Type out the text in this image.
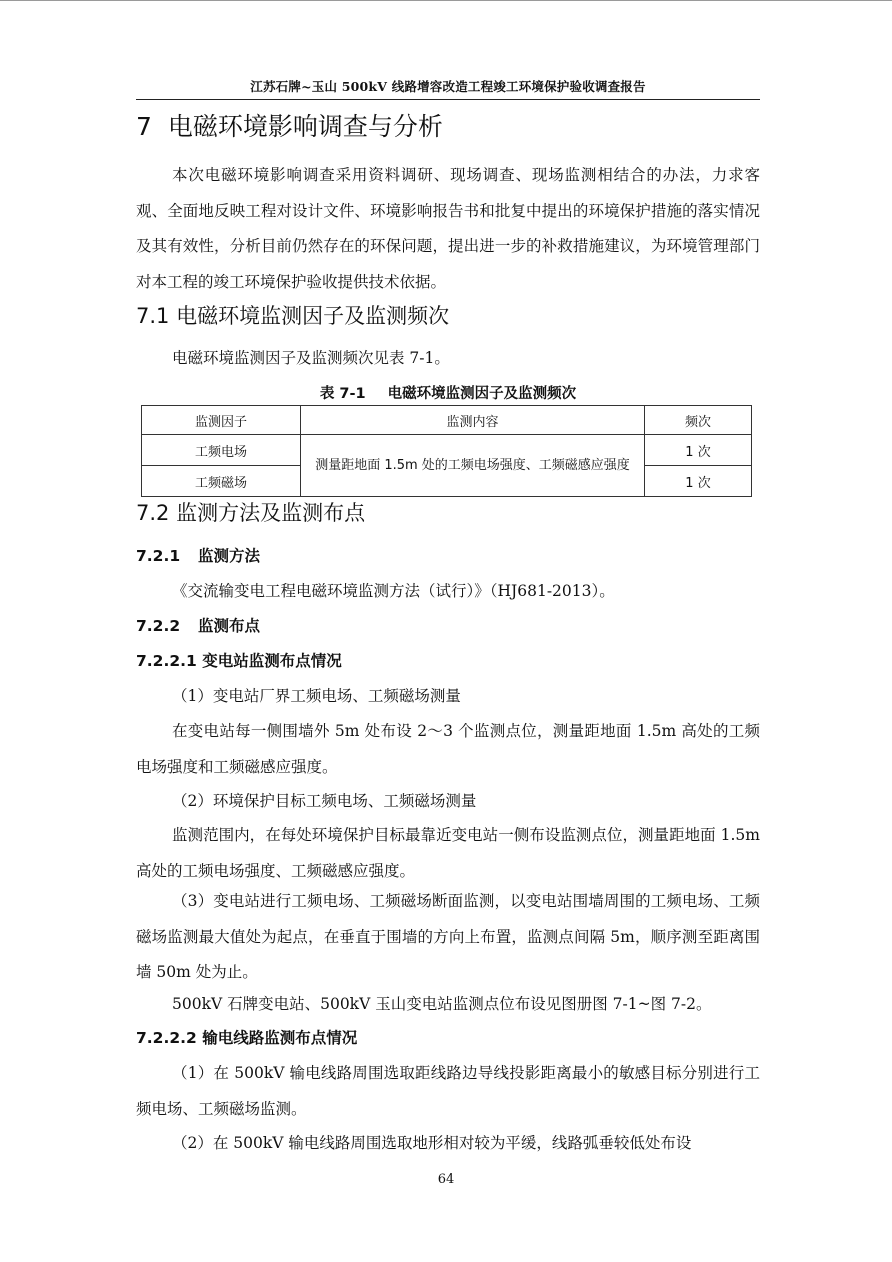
江苏石牌~玉山 500kV 线路增容改造工程竣工环境保护验收调查报告
7 电磁环境影响调查与分析

本次电磁环境影响调查采用资料调研、现场调查、现场监测相结合的办法，力求客观、全面地反映工程对设计文件、环境影响报告书和批复中提出的环境保护措施的落实情况及其有效性，分析目前仍然存在的环保问题，提出进一步的补救措施建议，为环境管理部门对本工程的竣工环境保护验收提供技术依据。

7.1 电磁环境监测因子及监测频次
电磁环境监测因子及监测频次见表 7-1。
表 7-1 电磁环境监测因子及监测频次
监测因子	监测内容	频次
工频电场	测量距地面 1.5m 处的工频电场强度、工频磁感应强度	1 次
工频磁场		1 次
7.2 监测方法及监测布点
7.2.1 监测方法
《交流输变电工程电磁环境监测方法（试行）》（HJ681-2013）。
7.2.2 监测布点
7.2.2.1 变电站监测布点情况
（1）变电站厂界工频电场、工频磁场测量

在变电站每一侧围墙外 5m 处布设 2～3 个监测点位，测量距地面 1.5m 高处的工频电场强度和工频磁感应强度。

（2）环境保护目标工频电场、工频磁场测量

监测范围内，在每处环境保护目标最靠近变电站一侧布设监测点位，测量距地面 1.5m 高处的工频电场强度、工频磁感应强度。

（3）变电站进行工频电场、工频磁场断面监测，以变电站围墙周围的工频电场、工频磁场监测最大值处为起点，在垂直于围墙的方向上布置，监测点间隔 5m，顺序测至距离围墙 50m 处为止。

500kV 石牌变电站、500kV 玉山变电站监测点位布设见图册图 7-1~图 7-2。
7.2.2.2 输电线路监测布点情况

（1）在 500kV 输电线路周围选取距线路边导线投影距离最小的敏感目标分别进行工频电场、工频磁场监测。

（2）在 500kV 输电线路周围选取地形相对较为平缓，线路弧垂较低处布设

64
